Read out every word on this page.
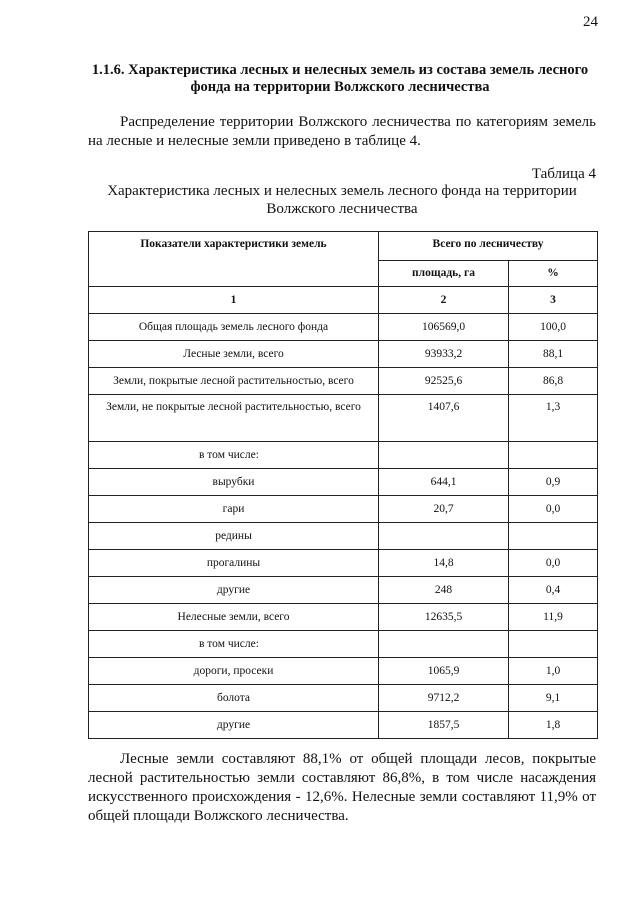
24
1.1.6. Характеристика лесных и нелесных земель из состава земель лесного фонда на территории Волжского лесничества
Распределение территории Волжского лесничества по категориям земель на лесные и нелесные земли приведено в таблице 4.
Таблица 4
Характеристика лесных и нелесных земель лесного фонда на территории Волжского лесничества
Показатели характеристики земель	Всего по лесничеству	
	площадь, га	%
1	2	3
Общая площадь земель лесного фонда	106569,0	100,0
Лесные земли, всего	93933,2	88,1
Земли, покрытые лесной растительностью, всего	92525,6	86,8
Земли, не покрытые лесной растительностью, всего	1407,6	1,3
в том числе:		
вырубки	644,1	0,9
гари	20,7	0,0
редины		
прогалины	14,8	0,0
другие	248	0,4
Нелесные земли, всего	12635,5	11,9
в том числе:		
дороги, просеки	1065,9	1,0
болота	9712,2	9,1
другие	1857,5	1,8
Лесные земли составляют 88,1% от общей площади лесов, покрытые лесной растительностью земли составляют 86,8%, в том числе насаждения искусственного происхождения - 12,6%. Нелесные земли составляют 11,9% от общей площади Волжского лесничества.
